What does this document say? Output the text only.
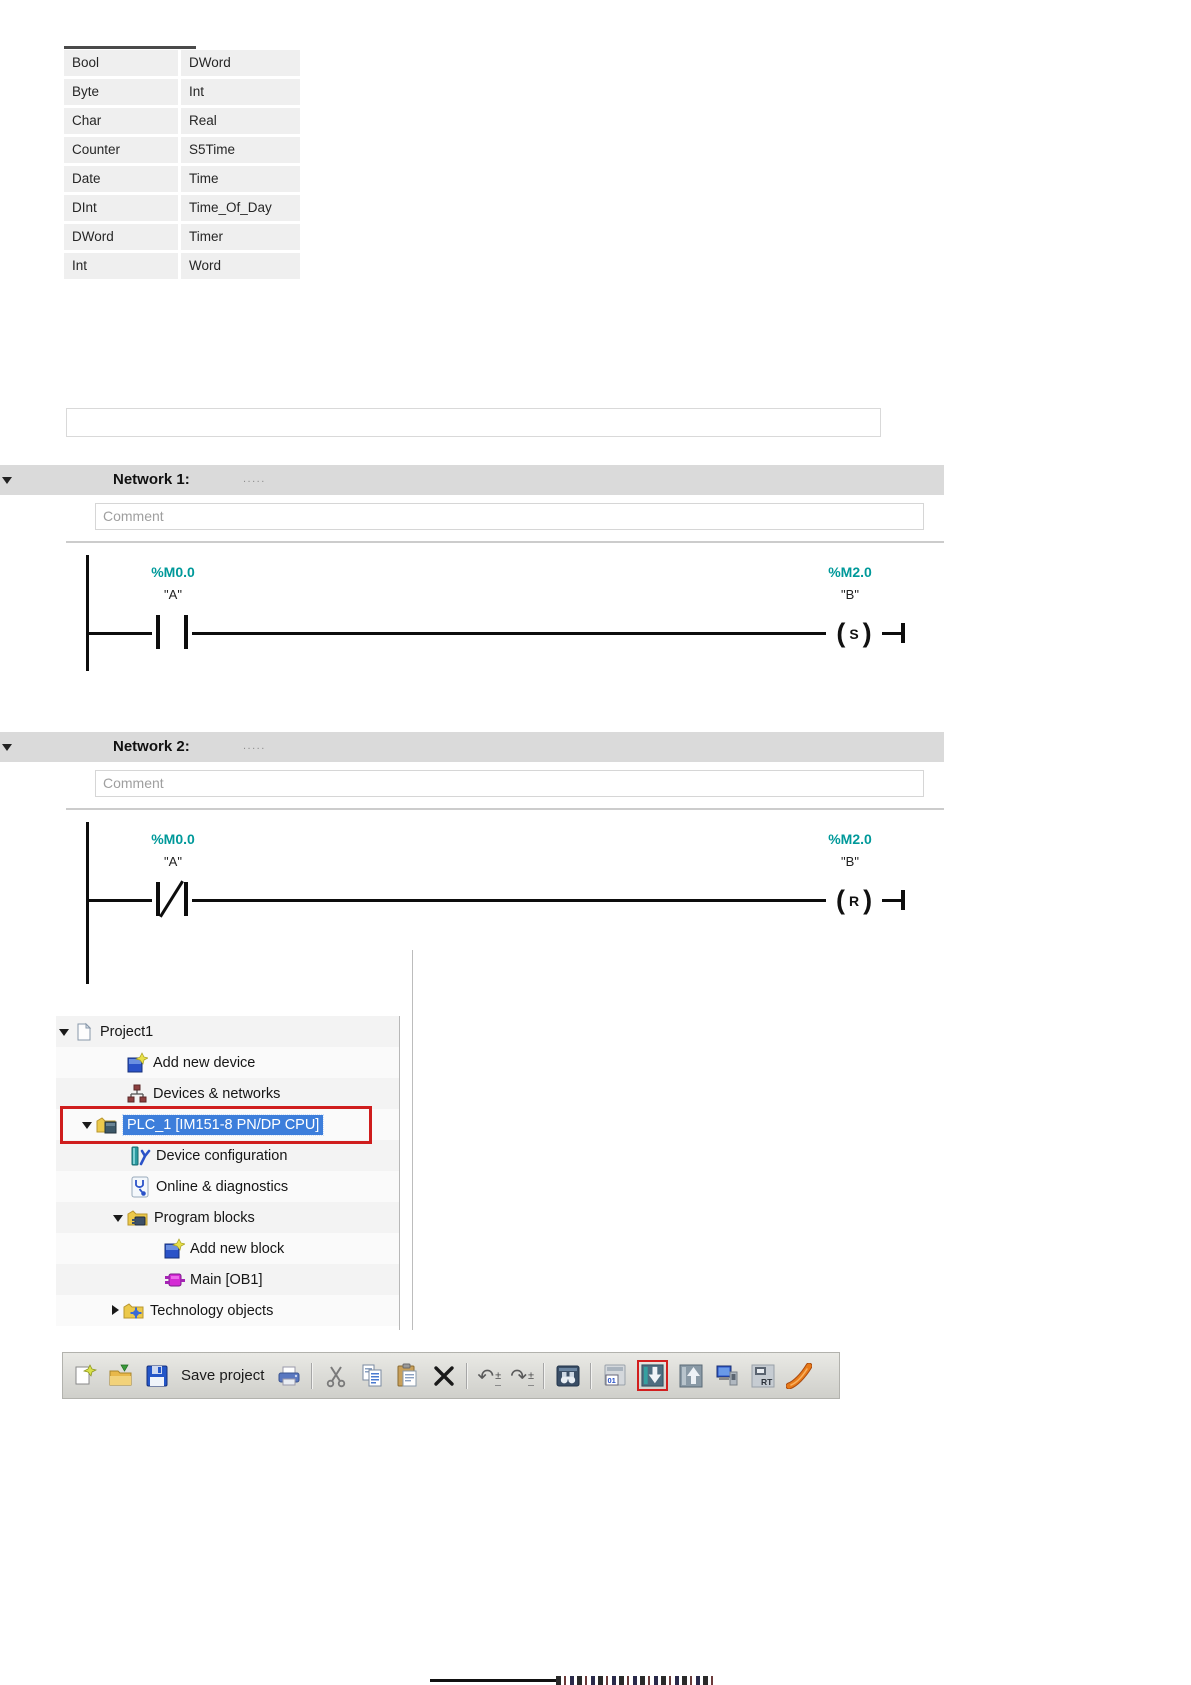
Bool	DWord
Byte	Int
Char	Real
Counter	S5Time
Date	Time
DInt	Time_Of_Day
DWord	Timer
Int	Word
Network 1:	.....
Comment
%M0.0
"A"
%M2.0
"B"
( S )
Network 2:	.....
Comment
%M0.0
"A"
%M2.0
"B"
( R )
Project1
Add new device
Devices & networks
PLC_1 [IM151-8 PN/DP CPU]
Device configuration
Online & diagnostics
Program blocks
Add new block
Main [OB1]
Technology objects
Save project	↶ ± ↷ ±	01	RT
